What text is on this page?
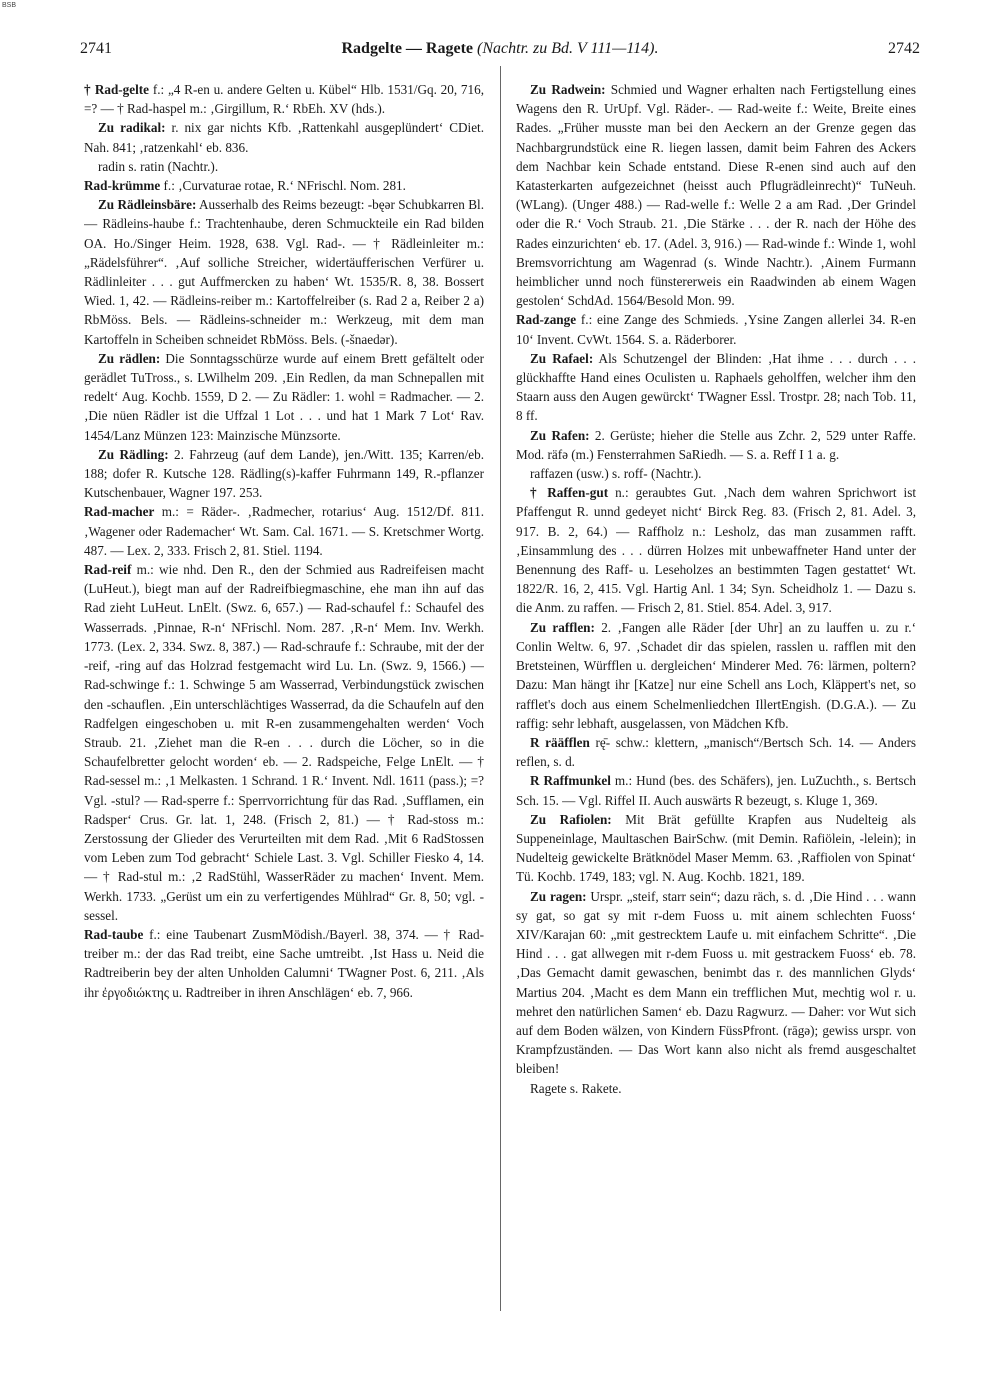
BSB
2741	Radgelte — Ragete (Nachtr. zu Bd. V 111—114).	2742

† Rad-gelte f.: „4 R-en u. andere Gelten u. Kübel“ Hlb. 1531/Gq. 20, 716, =? — † Rad-haspel m.: ‚Girgillum, R.‘ RbEh. XV (hds.).

Zu radikal: r. nix gar nichts Kfb. ‚Rattenkahl ausgeplündert‘ CDiet. Nah. 841; ‚ratzenkahl‘ eb. 836.

radin s. ratin (Nachtr.).

Rad-krümme f.: ‚Curvaturae rotae, R.‘ NFrischl. Nom. 281.

Zu Rädleinsbäre: Ausserhalb des Reims bezeugt: -bęər Schubkarren Bl. — Rädleins-haube f.: Trachtenhaube, deren Schmuckteile ein Rad bilden OA. Ho./Singer Heim. 1928, 638. Vgl. Rad-. — † Rädleinleiter m.: „Rädelsführer“. ‚Auf solliche Streicher, widertäufferischen Verfürer u. Rädlinleiter . . . gut Auffmercken zu haben‘ Wt. 1535/R. 8, 38. Bossert Wied. 1, 42. — Rädleins-reiber m.: Kartoffelreiber (s. Rad 2 a, Reiber 2 a) RbMöss. Bels. — Rädleins-schneider m.: Werkzeug, mit dem man Kartoffeln in Scheiben schneidet RbMöss. Bels. (-šnaedər).

Zu rädlen: Die Sonntagsschürze wurde auf einem Brett gefältelt oder gerädlet TuTross., s. LWilhelm 209. ‚Ein Redlen, da man Schnepallen mit redelt‘ Aug. Kochb. 1559, D 2. — Zu Rädler: 1. wohl = Radmacher. — 2. ‚Die nüen Rädler ist die Uffzal 1 Lot . . . und hat 1 Mark 7 Lot‘ Rav. 1454/Lanz Münzen 123: Mainzische Münzsorte.

Zu Rädling: 2. Fahrzeug (auf dem Lande), jen./Witt. 135; Karren/eb. 188; dofer R. Kutsche 128. Rädling(s)-kaffer Fuhrmann 149, R.-pflanzer Kutschenbauer, Wagner 197. 253.

Rad-macher m.: = Räder-. ‚Radmecher, rotarius‘ Aug. 1512/Df. 811. ‚Wagener oder Rademacher‘ Wt. Sam. Cal. 1671. — S. Kretschmer Wortg. 487. — Lex. 2, 333. Frisch 2, 81. Stiel. 1194.

Rad-reif m.: wie nhd. Den R., den der Schmied aus Radreifeisen macht (LuHeut.), biegt man auf der Radreifbiegmaschine, ehe man ihn auf das Rad zieht LuHeut. LnElt. (Swz. 6, 657.) — Rad-schaufel f.: Schaufel des Wasserrads. ‚Pinnae, R-n‘ NFrischl. Nom. 287. ‚R-n‘ Mem. Inv. Werkh. 1773. (Lex. 2, 334. Swz. 8, 387.) — Rad-schraufe f.: Schraube, mit der der -reif, -ring auf das Holzrad festgemacht wird Lu. Ln. (Swz. 9, 1566.) — Rad-schwinge f.: 1. Schwinge 5 am Wasserrad, Verbindungstück zwischen den -schauflen. ‚Ein unterschlächtiges Wasserrad, da die Schaufeln auf den Radfelgen eingeschoben u. mit R-en zusammengehalten werden‘ Voch Straub. 21. ‚Ziehet man die R-en . . . durch die Löcher, so in die Schaufelbretter gelocht worden‘ eb. — 2. Radspeiche, Felge LnElt. — † Rad-sessel m.: ‚1 Melkasten. 1 Schrand. 1 R.‘ Invent. Ndl. 1611 (pass.); =? Vgl. -stul? — Rad-sperre f.: Sperrvorrichtung für das Rad. ‚Sufflamen, ein Radsper‘ Crus. Gr. lat. 1, 248. (Frisch 2, 81.) — † Rad-stoss m.: Zerstossung der Glieder des Verurteilten mit dem Rad. ‚Mit 6 RadStossen vom Leben zum Tod gebracht‘ Schiele Last. 3. Vgl. Schiller Fiesko 4, 14. — † Rad-stul m.: ‚2 RadStühl, WasserRäder zu machen‘ Invent. Mem. Werkh. 1733. „Gerüst um ein zu verfertigendes Mühlrad“ Gr. 8, 50; vgl. -sessel.

Rad-taube f.: eine Taubenart ZusmMödish./Bayerl. 38, 374. — † Rad-treiber m.: der das Rad treibt, eine Sache umtreibt. ‚Ist Hass u. Neid die Radtreiberin bey der alten Unholden Calumni‘ TWagner Post. 6, 211. ‚Als ihr ἐργοδιώκτης u. Radtreiber in ihren Anschlägen‘ eb. 7, 966.

Zu Radwein: Schmied und Wagner erhalten nach Fertigstellung eines Wagens den R. UrUpf. Vgl. Räder-. — Rad-weite f.: Weite, Breite eines Rades. „Früher musste man bei den Aeckern an der Grenze gegen das Nachbargrundstück eine R. liegen lassen, damit beim Fahren des Ackers dem Nachbar kein Schade entstand. Diese R-enen sind auch auf den Katasterkarten aufgezeichnet (heisst auch Pflugrädleinrecht)“ TuNeuh. (WLang). (Unger 488.) — Rad-welle f.: Welle 2 a am Rad. ‚Der Grindel oder die R.‘ Voch Straub. 21. ‚Die Stärke . . . der R. nach der Höhe des Rades einzurichten‘ eb. 17. (Adel. 3, 916.) — Rad-winde f.: Winde 1, wohl Bremsvorrichtung am Wagenrad (s. Winde Nachtr.). ‚Ainem Furmann heimblicher unnd noch fünstererweis ein Raadwinden ab einem Wagen gestolen‘ SchdAd. 1564/Besold Mon. 99.

Rad-zange f.: eine Zange des Schmieds. ‚Ysine Zangen allerlei 34. R-en 10‘ Invent. CvWt. 1564. S. a. Räderborer.

Zu Rafael: Als Schutzengel der Blinden: ‚Hat ihme . . . durch . . . glückhaffte Hand eines Oculisten u. Raphaels geholffen, welcher ihm den Staarn auss den Augen gewürckt‘ TWagner Essl. Trostpr. 28; nach Tob. 11, 8 ff.

Zu Rafen: 2. Gerüste; hieher die Stelle aus Zchr. 2, 529 unter Raffe. Mod. räfə (m.) Fensterrahmen SaRiedh. — S. a. Reff I 1 a. g.

raffazen (usw.) s. roff- (Nachtr.).

† Raffen-gut n.: geraubtes Gut. ‚Nach dem wahren Sprichwort ist Pfaffengut R. unnd gedeyet nicht‘ Birck Reg. 83. (Frisch 2, 81. Adel. 3, 917. B. 2, 64.) — Raffholz n.: Lesholz, das man zusammen rafft. ‚Einsammlung des . . . dürren Holzes mit unbewaffneter Hand unter der Benennung des Raff- u. Leseholzes an bestimmten Tagen gestattet‘ Wt. 1822/R. 16, 2, 415. Vgl. Hartig Anl. 1 34; Syn. Scheidholz 1. — Dazu s. die Anm. zu raffen. — Frisch 2, 81. Stiel. 854. Adel. 3, 917.

Zu rafflen: 2. ‚Fangen alle Räder [der Uhr] an zu lauffen u. zu r.‘ Conlin Weltw. 6, 97. ‚Schadet dir das spielen, rasslen u. rafflen mit den Bretsteinen, Würfflen u. dergleichen‘ Minderer Med. 76: lärmen, poltern? Dazu: Man hängt ihr [Katze] nur eine Schell ans Loch, Kläppert's net, so rafflet's doch aus einem Schelmenliedchen IllertEngish. (D.G.A.). — Zu raffig: sehr lebhaft, ausgelassen, von Mädchen Kfb.

R rääfflen rę̄- schw.: klettern, „manisch“/Bertsch Sch. 14. — Anders reflen, s. d.

R Raffmunkel m.: Hund (bes. des Schäfers), jen. LuZuchth., s. Bertsch Sch. 15. — Vgl. Riffel II. Auch auswärts R bezeugt, s. Kluge 1, 369.

Zu Rafiolen: Mit Brät gefüllte Krapfen aus Nudelteig als Suppeneinlage, Maultaschen BairSchw. (mit Demin. Rafiölein, -lelein); in Nudelteig gewickelte Brätknödel Maser Memm. 63. ‚Raffiolen von Spinat‘ Tü. Kochb. 1749, 183; vgl. N. Aug. Kochb. 1821, 189.

Zu ragen: Urspr. „steif, starr sein“; dazu räch, s. d. ‚Die Hind . . . wann sy gat, so gat sy mit r-dem Fuoss u. mit ainem schlechten Fuoss‘ XIV/Karajan 60: „mit gestrecktem Laufe u. mit einfachem Schritte“. ‚Die Hind . . . gat allwegen mit r-dem Fuoss u. mit gestrackem Fuoss‘ eb. 78. ‚Das Gemacht damit gewaschen, benimbt das r. des mannlichen Glyds‘ Martius 204. ‚Macht es dem Mann ein trefflichen Mut, mechtig wol r. u. mehret den natürlichen Samen‘ eb. Dazu Ragwurz. — Daher: vor Wut sich auf dem Boden wälzen, von Kindern FüssPfront. (rāgə); gewiss urspr. von Krampfzuständen. — Das Wort kann also nicht als fremd ausgeschaltet bleiben!

Ragete s. Rakete.
